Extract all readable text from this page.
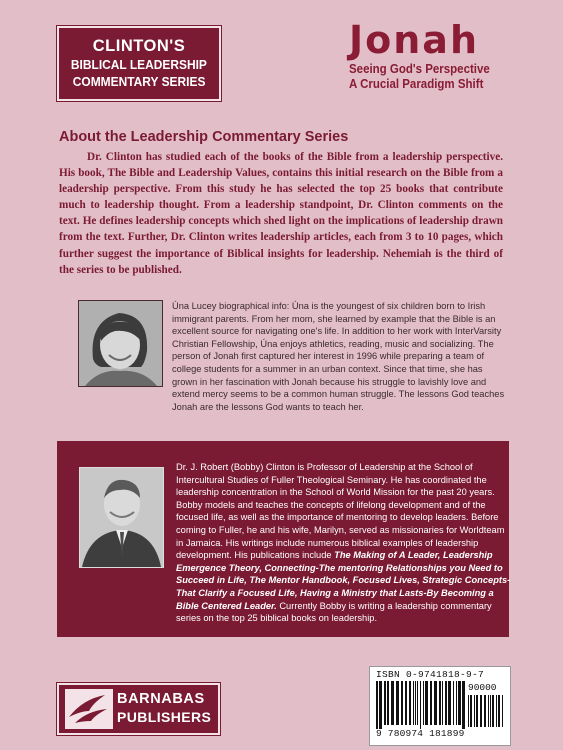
CLINTON'S
BIBLICAL LEADERSHIP
COMMENTARY SERIES
Jonah
Seeing God's Perspective
A Crucial Paradigm Shift
About the Leadership Commentary Series
Dr. Clinton has studied each of the books of the Bible from a leadership perspective. His book, The Bible and Leadership Values, contains this initial research on the Bible from a leadership perspective. From this study he has selected the top 25 books that contribute much to leadership thought. From a leadership standpoint, Dr. Clinton comments on the text. He defines leadership concepts which shed light on the implications of leadership drawn from the text. Further, Dr. Clinton writes leadership articles, each from 3 to 10 pages, which further suggest the importance of Biblical insights for leadership. Nehemiah is the third of the series to be published.
Úna Lucey biographical info: Úna is the youngest of six children born to Irish immigrant parents. From her mom, she learned by example that the Bible is an excellent source for navigating one's life. In addition to her work with InterVarsity Christian Fellowship, Úna enjoys athletics, reading, music and socializing. The person of Jonah first captured her interest in 1996 while preparing a team of college students for a summer in an urban context. Since that time, she has grown in her fascination with Jonah because his struggle to lavishly love and extend mercy seems to be a common human struggle. The lessons God teaches Jonah are the lessons God wants to teach her.
Dr. J. Robert (Bobby) Clinton is Professor of Leadership at the School of Intercultural Studies of Fuller Theological Seminary. He has coordinated the leadership concentration in the School of World Mission for the past 20 years. Bobby models and teaches the concepts of lifelong development and of the focused life, as well as the importance of mentoring to develop leaders. Before coming to Fuller, he and his wife, Marilyn, served as missionaries for Worldteam in Jamaica. His writings include numerous biblical examples of leadership development. His publications include The Making of A Leader, Leadership Emergence Theory, Connecting-The mentoring Relationships you Need to Succeed in Life, The Mentor Handbook, Focused Lives, Strategic Concepts-That Clarify a Focused Life, Having a Ministry that Lasts-By Becoming a Bible Centered Leader. Currently Bobby is writing a leadership commentary series on the top 25 biblical books on leadership.
BARNABAS
PUBLISHERS
ISBN 0-9741818-9-7
90000
9 780974 181899
